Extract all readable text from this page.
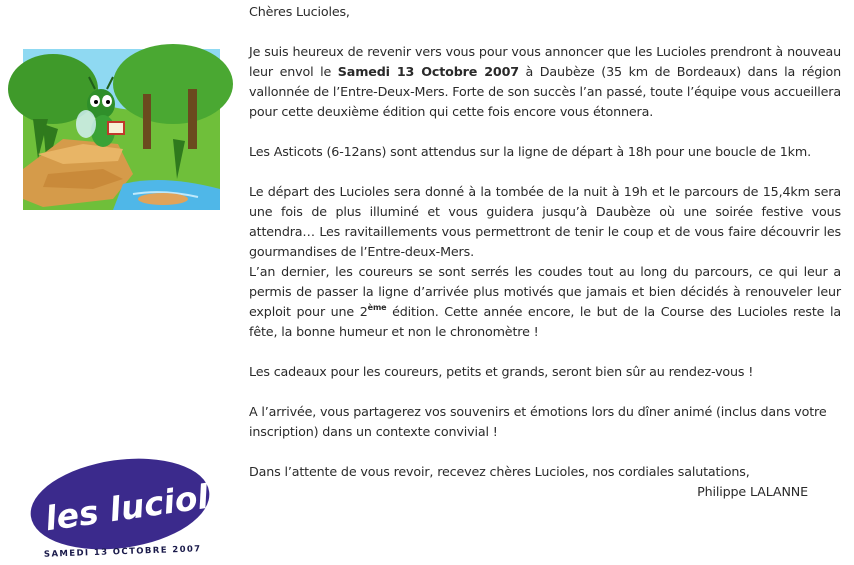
les lucioles
SAMEDI 13 OCTOBRE 2007

Chères Lucioles,

Je suis heureux de revenir vers vous pour vous annoncer que les Lucioles prendront à nouveau leur envol le Samedi 13 Octobre 2007 à Daubèze (35 km de Bordeaux) dans la région vallonnée de l’Entre-Deux-Mers. Forte de son succès l’an passé, toute l’équipe vous accueillera pour cette deuxième édition qui cette fois encore vous étonnera.

Les Asticots (6-12ans) sont attendus sur la ligne de départ à 18h pour une boucle de 1km.

Le départ des Lucioles sera donné à la tombée de la nuit à 19h et le parcours de 15,4km sera une fois de plus illuminé et vous guidera jusqu’à Daubèze où une soirée festive vous attendra… Les ravitaillements vous permettront de tenir le coup et de vous faire découvrir les gourmandises de l’Entre-deux-Mers.

L’an dernier, les coureurs se sont serrés les coudes tout au long du parcours, ce qui leur a permis de passer la ligne d’arrivée plus motivés que jamais et bien décidés à renouveler leur exploit pour une 2ème édition. Cette année encore, le but de la Course des Lucioles reste la fête, la bonne humeur et non le chronomètre !

Les cadeaux pour les coureurs, petits et grands, seront bien sûr au rendez-vous !

A l’arrivée, vous partagerez vos souvenirs et émotions lors du dîner animé (inclus dans votre inscription) dans un contexte convivial !

Dans l’attente de vous revoir, recevez chères Lucioles, nos cordiales salutations,

Philippe LALANNE
